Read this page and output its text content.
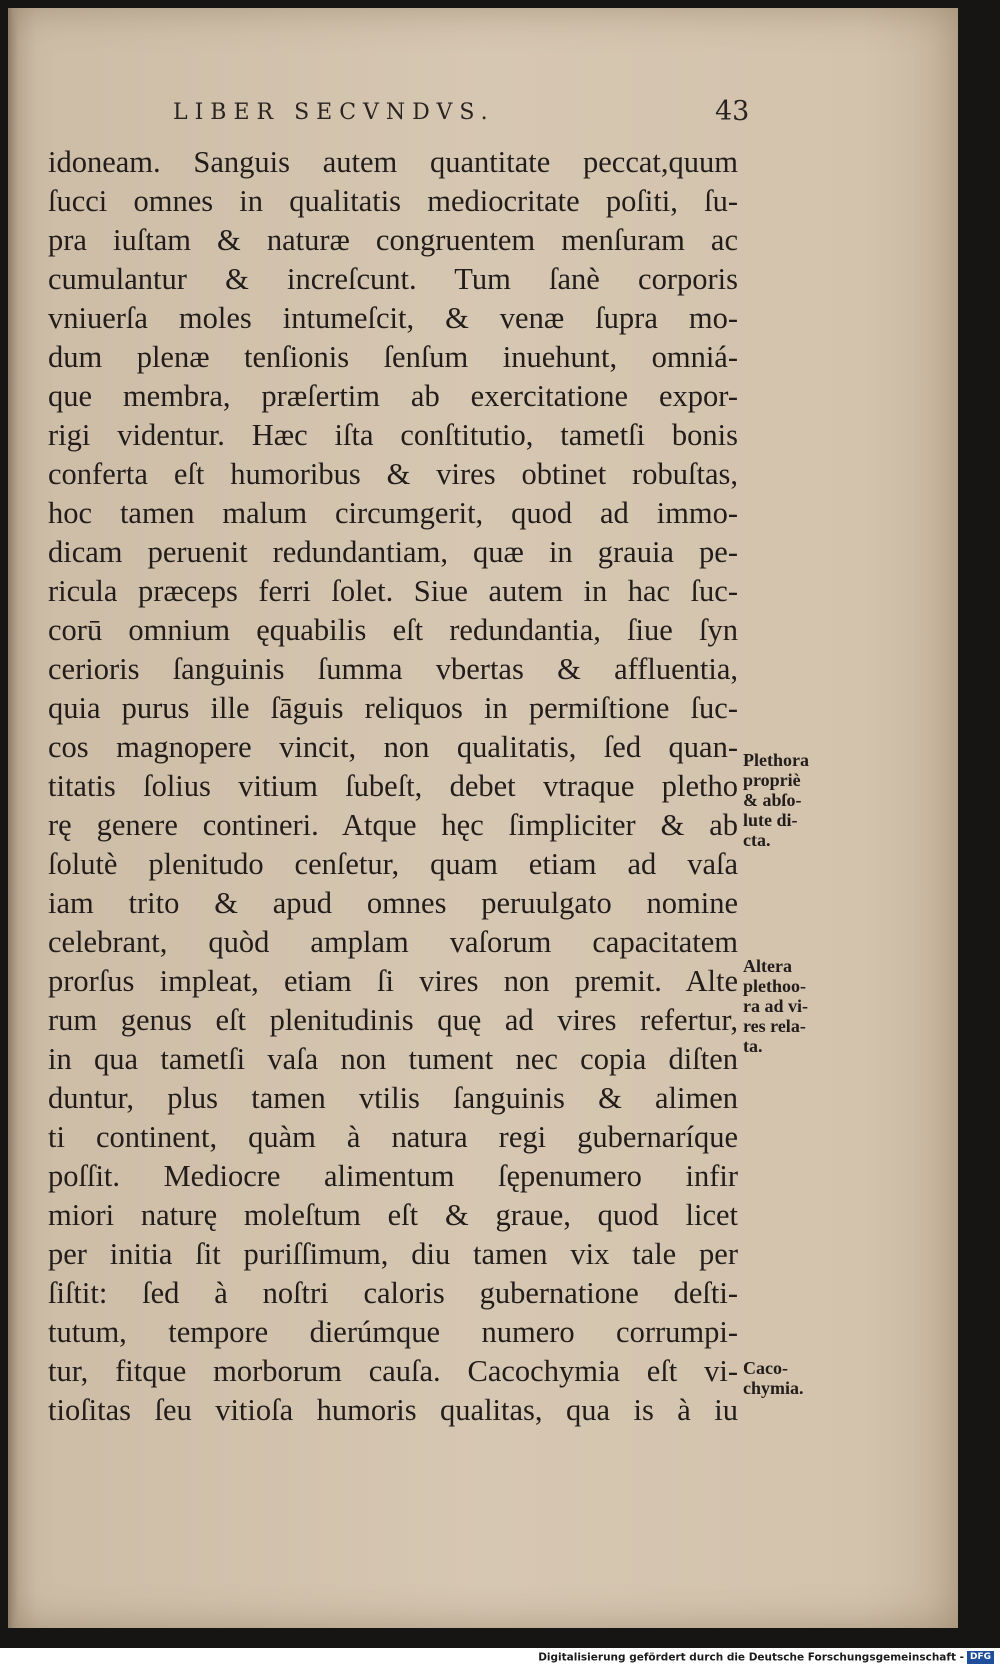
LIBER SECVNDVS.	43
idoneam. Sanguis autem quantitate peccat,quum
ſucci omnes in qualitatis mediocritate poſiti, ſu-
pra iuſtam & naturæ congruentem menſuram ac
cumulantur & increſcunt. Tum ſanè corporis
vniuerſa moles intumeſcit, & venæ ſupra mo-
dum plenæ tenſionis ſenſum inuehunt, omniá-
que membra, præſertim ab exercitatione expor-
rigi videntur. Hæc iſta conſtitutio, tametſi bonis
conferta eſt humoribus & vires obtinet robuſtas,
hoc tamen malum circumgerit, quod ad immo-
dicam peruenit redundantiam, quæ in grauia pe-
ricula præceps ferri ſolet. Siue autem in hac ſuc-
corū omnium ęquabilis eſt redundantia, ſiue ſyn
cerioris ſanguinis ſumma vbertas & affluentia,
quia purus ille ſāguis reliquos in permiſtione ſuc-
cos magnopere vincit, non qualitatis, ſed quan-
titatis ſolius vitium ſubeſt, debet vtraque pletho
rę genere contineri. Atque hęc ſimpliciter & ab
ſolutè plenitudo cenſetur, quam etiam ad vaſa
iam trito & apud omnes peruulgato nomine
celebrant, quòd amplam vaſorum capacitatem
prorſus impleat, etiam ſi vires non premit. Alte
rum genus eſt plenitudinis quę ad vires refertur,
in qua tametſi vaſa non tument nec copia diſten
duntur, plus tamen vtilis ſanguinis & alimen
ti continent, quàm à natura regi gubernaríque
poſſit. Mediocre alimentum ſępenumero infir
miori naturę moleſtum eſt & graue, quod licet
per initia ſit puriſſimum, diu tamen vix tale per
ſiſtit: ſed à noſtri caloris gubernatione deſti-
tutum, tempore dierúmque numero corrumpi-
tur, fitque morborum cauſa. Cacochymia eſt vi-
tioſitas ſeu vitioſa humoris qualitas, qua is à iu
Plethora
propriè
& abſo-
lute di-
cta.
Altera
plethoo-
ra ad vi-
res rela-
ta.
Caco-
chymia.
Digitalisierung gefördert durch die Deutsche Forschungsgemeinschaft - DFG
